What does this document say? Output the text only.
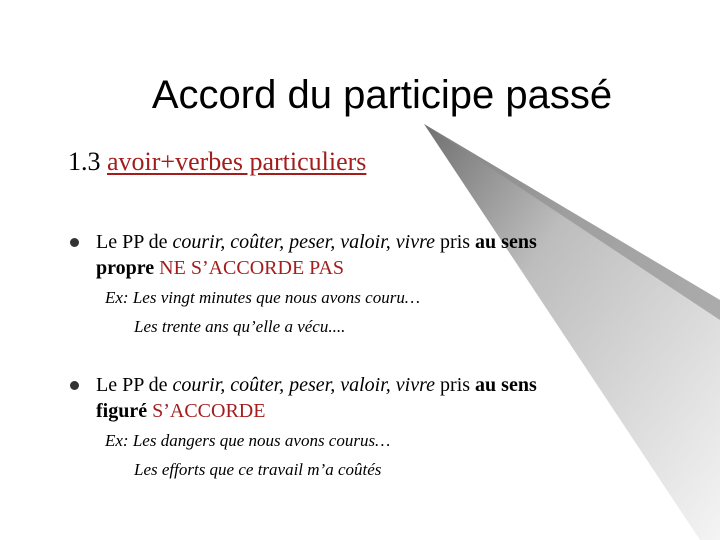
Accord du participe passé
1.3 avoir+verbes particuliers
Le PP de courir, coûter, peser, valoir, vivre pris au sens
propre NE S’ACCORDE PAS
Ex: Les vingt minutes que nous avons couru…
Les trente ans qu’elle a vécu....
Le PP de courir, coûter, peser, valoir, vivre pris au sens
figuré S’ACCORDE
Ex: Les dangers que nous avons courus…
Les efforts que ce travail m’a coûtés
